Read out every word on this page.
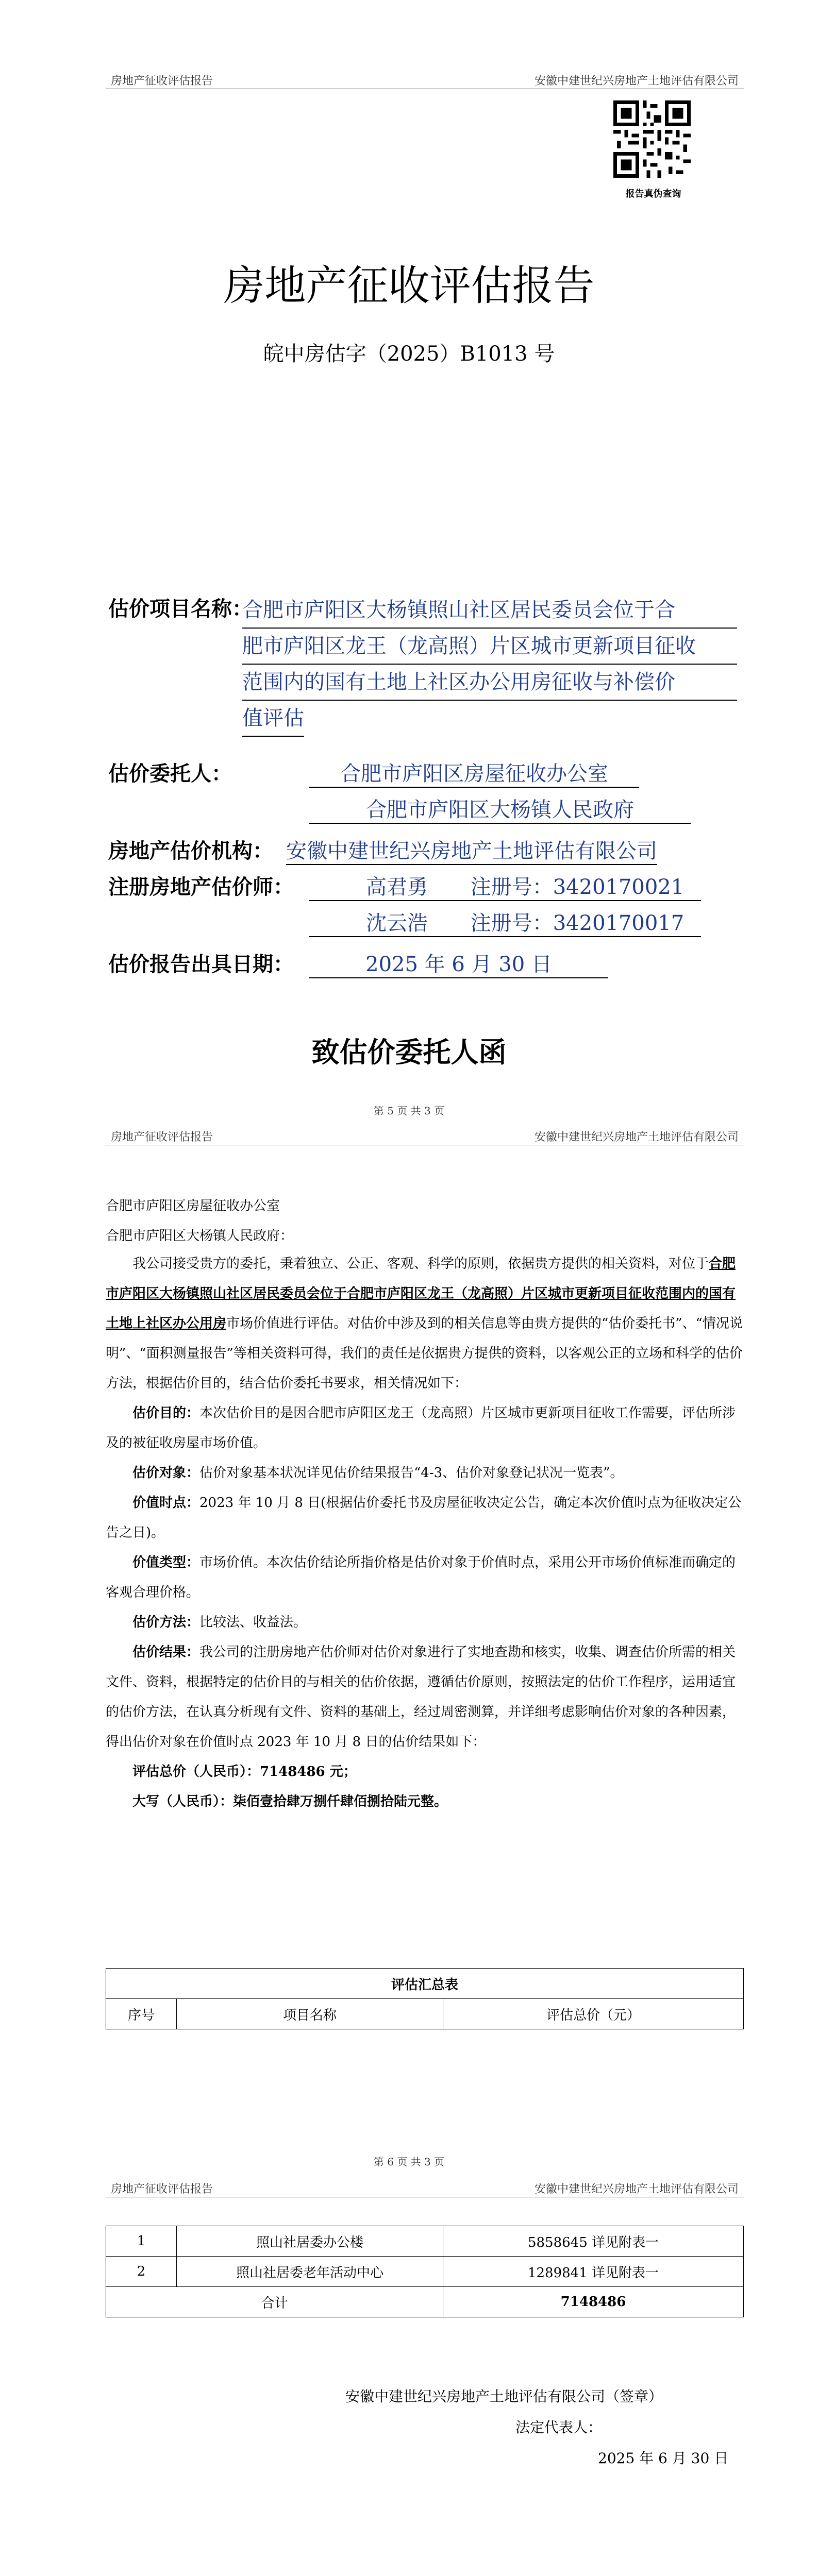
房地产征收评估报告	安徽中建世纪兴房地产土地评估有限公司
报告真伪查询
房地产征收评估报告
皖中房估字（2025）B1013 号
估价项目名称：
合肥市庐阳区大杨镇照山社区居民委员会位于合
肥市庐阳区龙王（龙高照）片区城市更新项目征收
范围内的国有土地上社区办公用房征收与补偿价
值评估
估价委托人：	合肥市庐阳区房屋征收办公室
合肥市庐阳区大杨镇人民政府
房地产估价机构： 安徽中建世纪兴房地产土地评估有限公司
注册房地产估价师：	高君勇 注册号：3420170021
沈云浩 注册号：3420170017
估价报告出具日期：	2025 年 6 月 30 日
致估价委托人函
第 5 页 共 3 页
房地产征收评估报告	安徽中建世纪兴房地产土地评估有限公司
合肥市庐阳区房屋征收办公室
合肥市庐阳区大杨镇人民政府：

我公司接受贵方的委托，秉着独立、公正、客观、科学的原则，依据贵方提供的相关资料，对位于合肥市庐阳区大杨镇照山社区居民委员会位于合肥市庐阳区龙王（龙高照）片区城市更新项目征收范围内的国有土地上社区办公用房市场价值进行评估。对估价中涉及到的相关信息等由贵方提供的“估价委托书”、“情况说明”、“面积测量报告”等相关资料可得，我们的责任是依据贵方提供的资料，以客观公正的立场和科学的估价方法，根据估价目的，结合估价委托书要求，相关情况如下：

估价目的：本次估价目的是因合肥市庐阳区龙王（龙高照）片区城市更新项目征收工作需要，评估所涉及的被征收房屋市场价值。

估价对象：估价对象基本状况详见估价结果报告“4-3、估价对象登记状况一览表”。

价值时点：2023 年 10 月 8 日(根据估价委托书及房屋征收决定公告，确定本次价值时点为征收决定公告之日)。

价值类型：市场价值。本次估价结论所指价格是估价对象于价值时点，采用公开市场价值标准而确定的客观合理价格。

估价方法：比较法、收益法。

估价结果：我公司的注册房地产估价师对估价对象进行了实地查勘和核实，收集、调查估价所需的相关文件、资料，根据特定的估价目的与相关的估价依据，遵循估价原则，按照法定的估价工作程序，运用适宜的估价方法，在认真分析现有文件、资料的基础上，经过周密测算，并详细考虑影响估价对象的各种因素，得出估价对象在价值时点 2023 年 10 月 8 日的估价结果如下：

评估总价（人民币）：7148486 元；

大写（人民币）：柒佰壹拾肆万捌仟肆佰捌拾陆元整。

评估汇总表
序号	项目名称	评估总价（元）
第 6 页 共 3 页
房地产征收评估报告	安徽中建世纪兴房地产土地评估有限公司
1	照山社居委办公楼	5858645 详见附表一
2	照山社居委老年活动中心	1289841 详见附表一
合计		7148486
安徽中建世纪兴房地产土地评估有限公司（签章）
法定代表人：
2025 年 6 月 30 日
